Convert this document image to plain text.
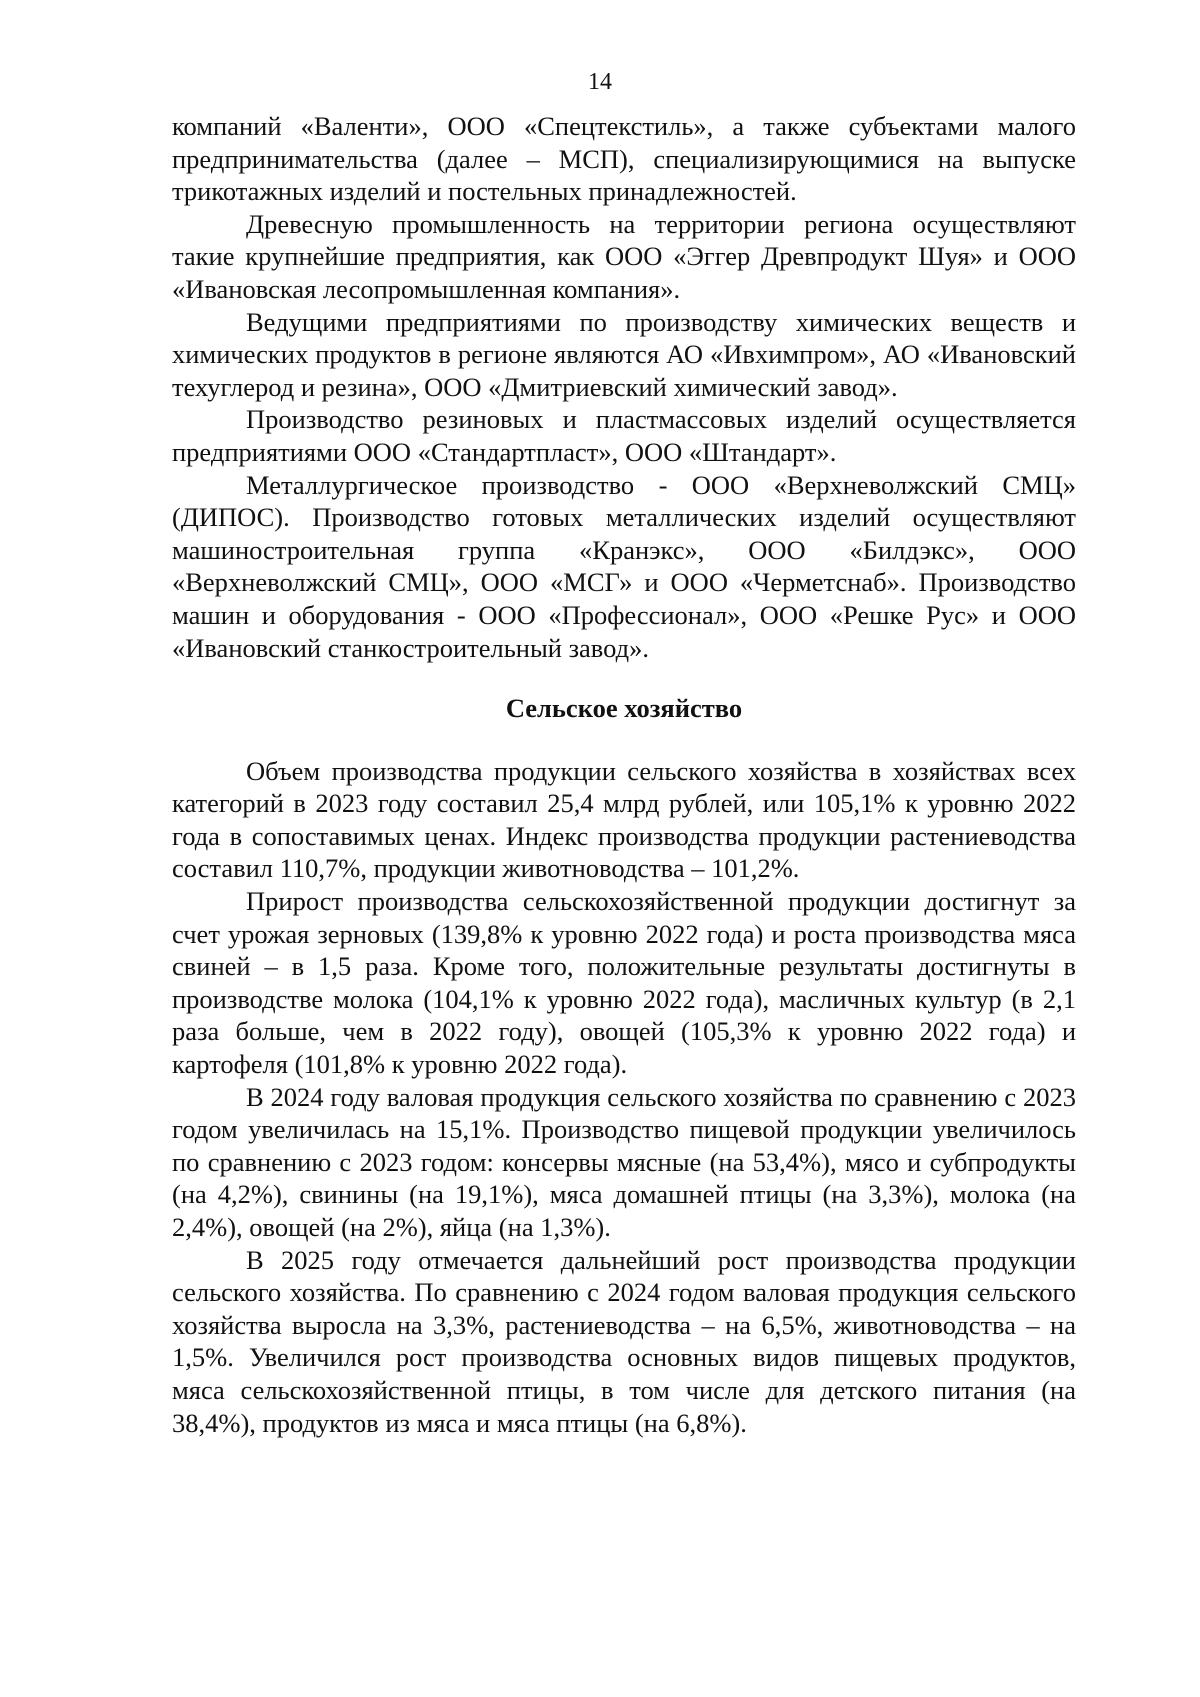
14

компаний «Валенти», ООО «Спецтекстиль», а также субъектами малого предпринимательства (далее – МСП), специализирующимися на выпуске трикотажных изделий и постельных принадлежностей.

Древесную промышленность на территории региона осуществляют такие крупнейшие предприятия, как ООО «Эггер Древпродукт Шуя» и ООО «Ивановская лесопромышленная компания».

Ведущими предприятиями по производству химических веществ и химических продуктов в регионе являются АО «Ивхимпром», АО «Ивановский техуглерод и резина», ООО «Дмитриевский химический завод».

Производство резиновых и пластмассовых изделий осуществляется предприятиями ООО «Стандартпласт», ООО «Штандарт».

Металлургическое производство - ООО «Верхневолжский СМЦ» (ДИПОС). Производство готовых металлических изделий осуществляют машиностроительная группа «Кранэкс», ООО «Билдэкс», ООО «Верхневолжский СМЦ», ООО «МСГ» и ООО «Черметснаб». Производство машин и оборудования - ООО «Профессионал», ООО «Решке Рус» и ООО «Ивановский станкостроительный завод».

Сельское хозяйство

Объем производства продукции сельского хозяйства в хозяйствах всех категорий в 2023 году составил 25,4 млрд рублей, или 105,1% к уровню 2022 года в сопоставимых ценах. Индекс производства продукции растениеводства составил 110,7%, продукции животноводства – 101,2%.

Прирост производства сельскохозяйственной продукции достигнут за счет урожая зерновых (139,8% к уровню 2022 года) и роста производства мяса свиней – в 1,5 раза. Кроме того, положительные результаты достигнуты в производстве молока (104,1% к уровню 2022 года), масличных культур (в 2,1 раза больше, чем в 2022 году), овощей (105,3% к уровню 2022 года) и картофеля (101,8% к уровню 2022 года).

В 2024 году валовая продукция сельского хозяйства по сравнению с 2023 годом увеличилась на 15,1%. Производство пищевой продукции увеличилось по сравнению с 2023 годом: консервы мясные (на 53,4%), мясо и субпродукты (на 4,2%), свинины (на 19,1%), мяса домашней птицы (на 3,3%), молока (на 2,4%), овощей (на 2%), яйца (на 1,3%).

В 2025 году отмечается дальнейший рост производства продукции сельского хозяйства. По сравнению с 2024 годом валовая продукция сельского хозяйства выросла на 3,3%, растениеводства – на 6,5%, животноводства – на 1,5%. Увеличился рост производства основных видов пищевых продуктов, мяса сельскохозяйственной птицы, в том числе для детского питания (на 38,4%), продуктов из мяса и мяса птицы (на 6,8%).
